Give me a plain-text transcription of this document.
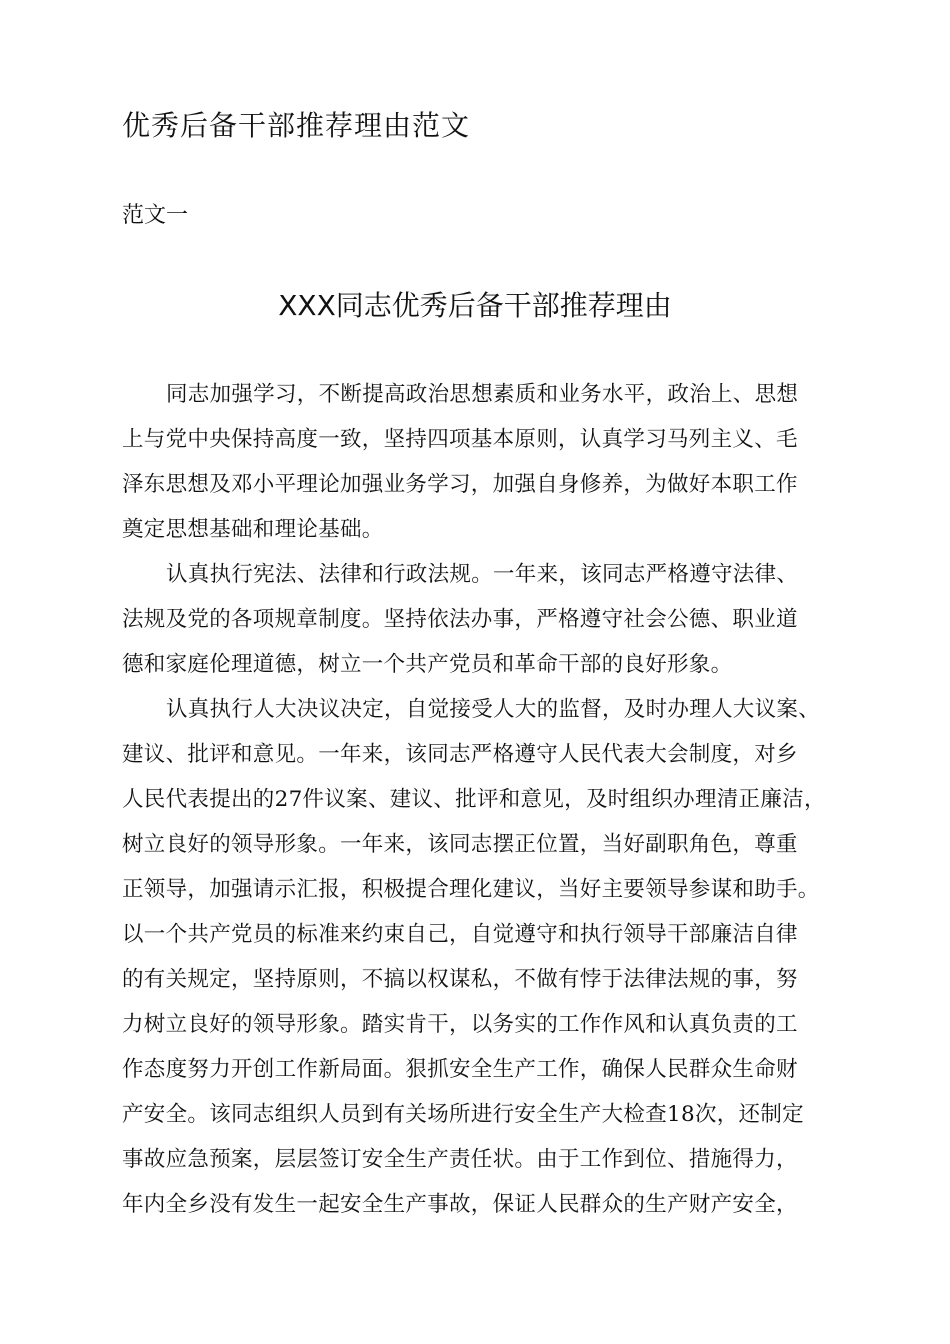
优秀后备干部推荐理由范文

范文一

XXX同志优秀后备干部推荐理由
同志加强学习，不断提高政治思想素质和业务水平，政治上、思想
上与党中央保持高度一致，坚持四项基本原则，认真学习马列主义、毛
泽东思想及邓小平理论加强业务学习，加强自身修养，为做好本职工作
奠定思想基础和理论基础。
认真执行宪法、法律和行政法规。一年来，该同志严格遵守法律、
法规及党的各项规章制度。坚持依法办事，严格遵守社会公德、职业道
德和家庭伦理道德，树立一个共产党员和革命干部的良好形象。
认真执行人大决议决定，自觉接受人大的监督，及时办理人大议案、
建议、批评和意见。一年来，该同志严格遵守人民代表大会制度，对乡
人民代表提出的27件议案、建议、批评和意见，及时组织办理清正廉洁，
树立良好的领导形象。一年来，该同志摆正位置，当好副职角色，尊重
正领导，加强请示汇报，积极提合理化建议，当好主要领导参谋和助手。
以一个共产党员的标准来约束自己，自觉遵守和执行领导干部廉洁自律
的有关规定，坚持原则，不搞以权谋私，不做有悖于法律法规的事，努
力树立良好的领导形象。踏实肯干，以务实的工作作风和认真负责的工
作态度努力开创工作新局面。狠抓安全生产工作，确保人民群众生命财
产安全。该同志组织人员到有关场所进行安全生产大检查18次，还制定
事故应急预案，层层签订安全生产责任状。由于工作到位、措施得力，
年内全乡没有发生一起安全生产事故，保证人民群众的生产财产安全，
